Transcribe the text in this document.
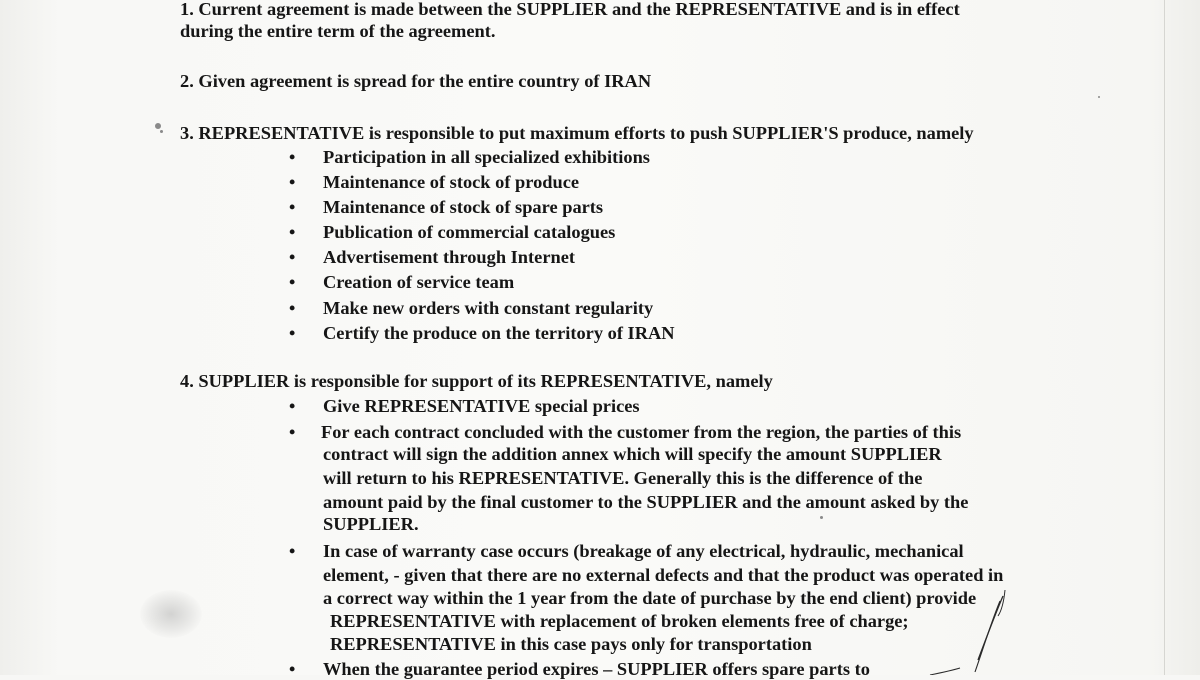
1. Current agreement is made between the SUPPLIER and the REPRESENTATIVE and is in effect
during the entire term of the agreement.
2. Given agreement is spread for the entire country of IRAN
3. REPRESENTATIVE is responsible to put maximum efforts to push SUPPLIER'S produce, namely
• Participation in all specialized exhibitions
• Maintenance of stock of produce
• Maintenance of stock of spare parts
• Publication of commercial catalogues
• Advertisement through Internet
• Creation of service team
• Make new orders with constant regularity
• Certify the produce on the territory of IRAN
4. SUPPLIER is responsible for support of its REPRESENTATIVE, namely
• Give REPRESENTATIVE special prices
• For each contract concluded with the customer from the region, the parties of this
contract will sign the addition annex which will specify the amount SUPPLIER
will return to his REPRESENTATIVE. Generally this is the difference of the
amount paid by the final customer to the SUPPLIER and the amount asked by the
SUPPLIER.
• In case of warranty case occurs (breakage of any electrical, hydraulic, mechanical
element, - given that there are no external defects and that the product was operated in
a correct way within the 1 year from the date of purchase by the end client) provide
REPRESENTATIVE with replacement of broken elements free of charge;
REPRESENTATIVE in this case pays only for transportation
• When the guarantee period expires – SUPPLIER offers spare parts to
